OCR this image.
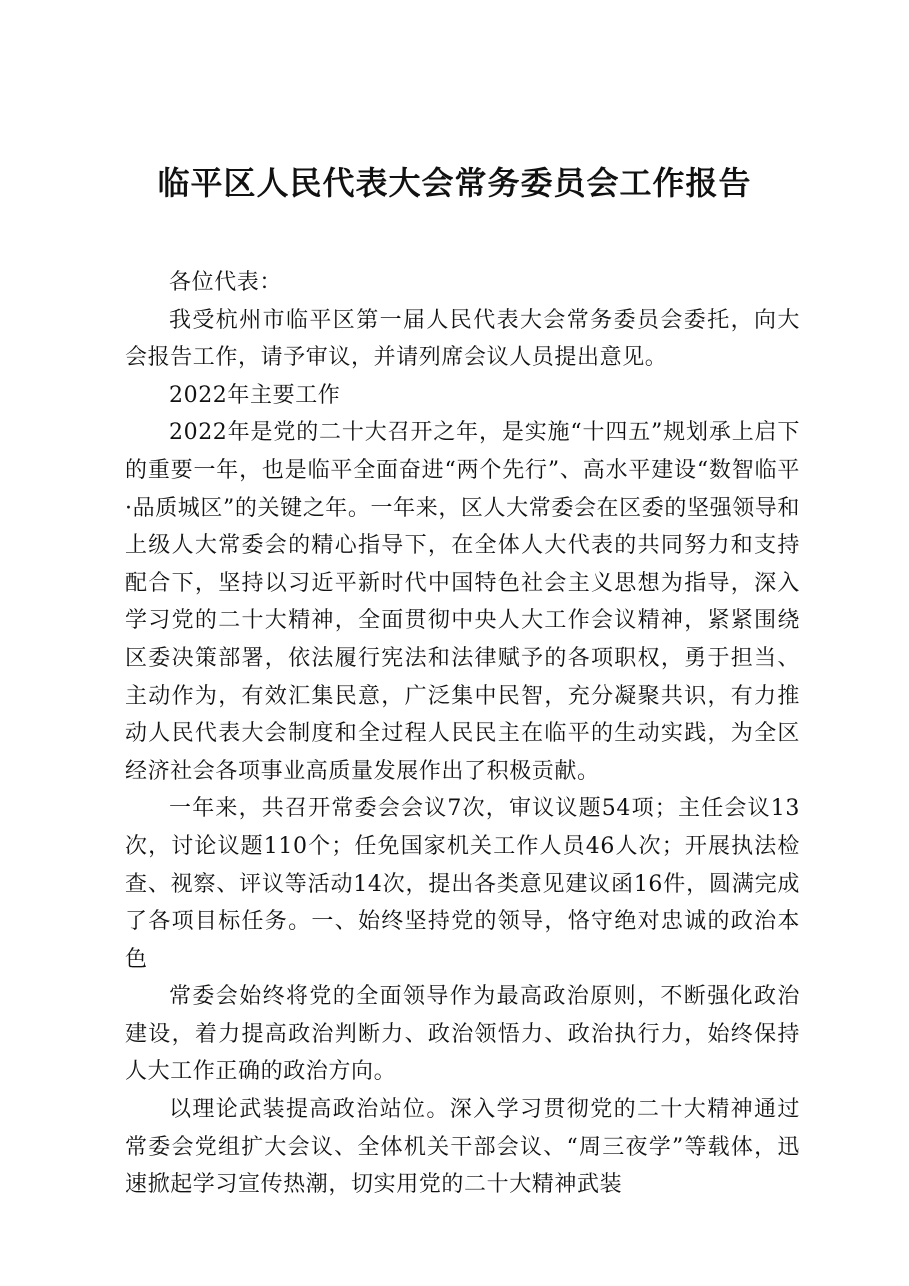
临平区人民代表大会常务委员会工作报告

各位代表：

我受杭州市临平区第一届人民代表大会常务委员会委托，向大会报告工作，请予审议，并请列席会议人员提出意见。

2022年主要工作

2022年是党的二十大召开之年，是实施“十四五”规划承上启下的重要一年，也是临平全面奋进“两个先行”、高水平建设“数智临平·品质城区”的关键之年。一年来，区人大常委会在区委的坚强领导和上级人大常委会的精心指导下，在全体人大代表的共同努力和支持配合下，坚持以习近平新时代中国特色社会主义思想为指导，深入学习党的二十大精神，全面贯彻中央人大工作会议精神，紧紧围绕区委决策部署，依法履行宪法和法律赋予的各项职权，勇于担当、主动作为，有效汇集民意，广泛集中民智，充分凝聚共识，有力推动人民代表大会制度和全过程人民民主在临平的生动实践，为全区经济社会各项事业高质量发展作出了积极贡献。

一年来，共召开常委会会议7次，审议议题54项；主任会议13次，讨论议题110个；任免国家机关工作人员46人次；开展执法检查、视察、评议等活动14次，提出各类意见建议函16件，圆满完成了各项目标任务。一、始终坚持党的领导，恪守绝对忠诚的政治本色

常委会始终将党的全面领导作为最高政治原则，不断强化政治建设，着力提高政治判断力、政治领悟力、政治执行力，始终保持人大工作正确的政治方向。

以理论武装提高政治站位。深入学习贯彻党的二十大精神通过常委会党组扩大会议、全体机关干部会议、“周三夜学”等载体，迅速掀起学习宣传热潮，切实用党的二十大精神武装
